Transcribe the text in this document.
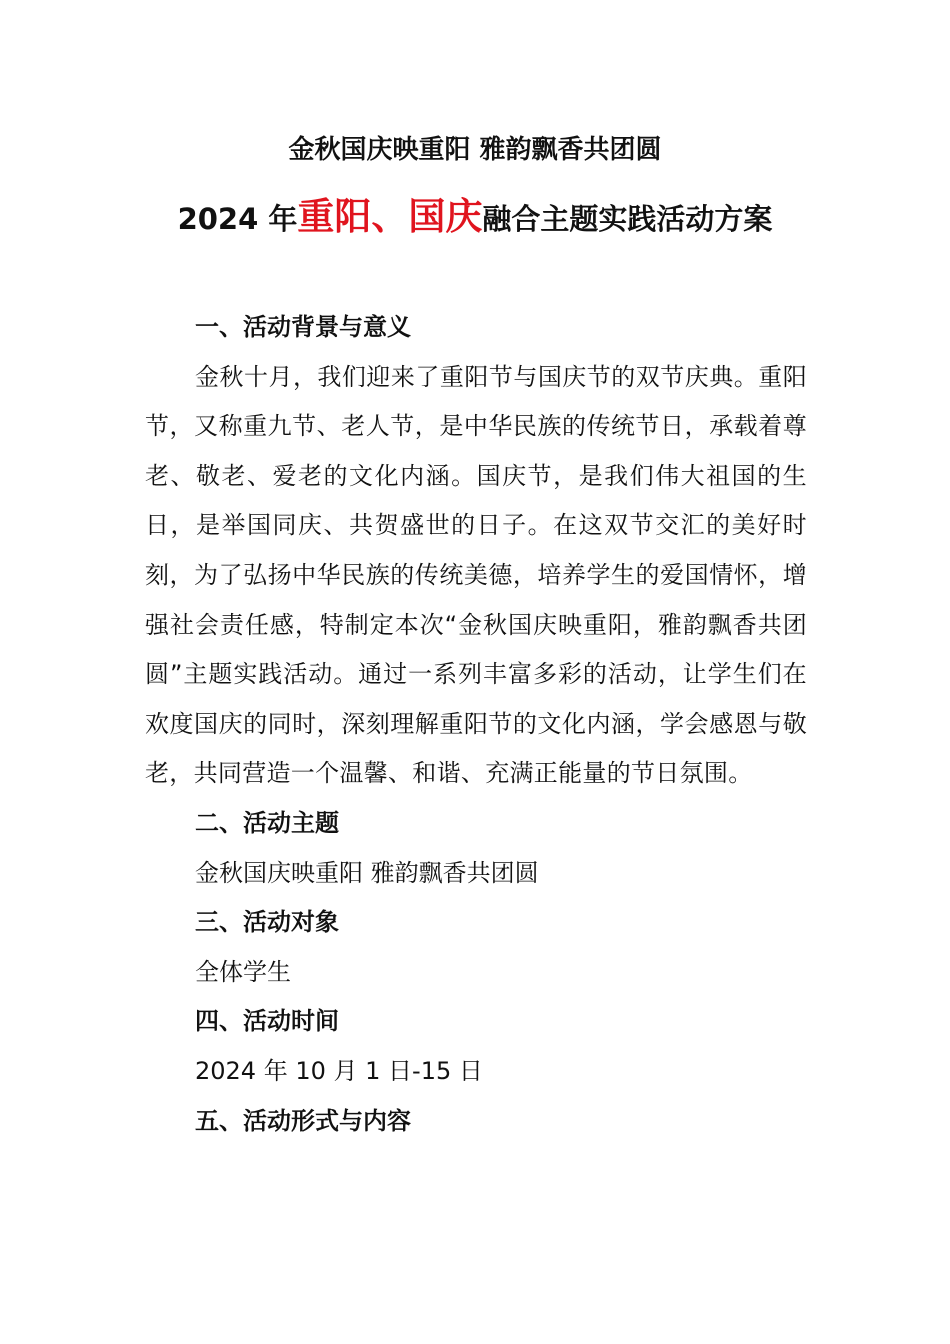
金秋国庆映重阳 雅韵飘香共团圆
2024 年重阳、国庆融合主题实践活动方案
一、活动背景与意义
金秋十月，我们迎来了重阳节与国庆节的双节庆典。重阳节，又称重九节、老人节，是中华民族的传统节日，承载着尊老、敬老、爱老的文化内涵。国庆节，是我们伟大祖国的生日，是举国同庆、共贺盛世的日子。在这双节交汇的美好时刻，为了弘扬中华民族的传统美德，培养学生的爱国情怀，增强社会责任感，特制定本次“金秋国庆映重阳，雅韵飘香共团圆”主题实践活动。通过一系列丰富多彩的活动，让学生们在欢度国庆的同时，深刻理解重阳节的文化内涵，学会感恩与敬老，共同营造一个温馨、和谐、充满正能量的节日氛围。
二、活动主题
金秋国庆映重阳 雅韵飘香共团圆
三、活动对象
全体学生
四、活动时间
2024 年 10 月 1 日-15 日
五、活动形式与内容
